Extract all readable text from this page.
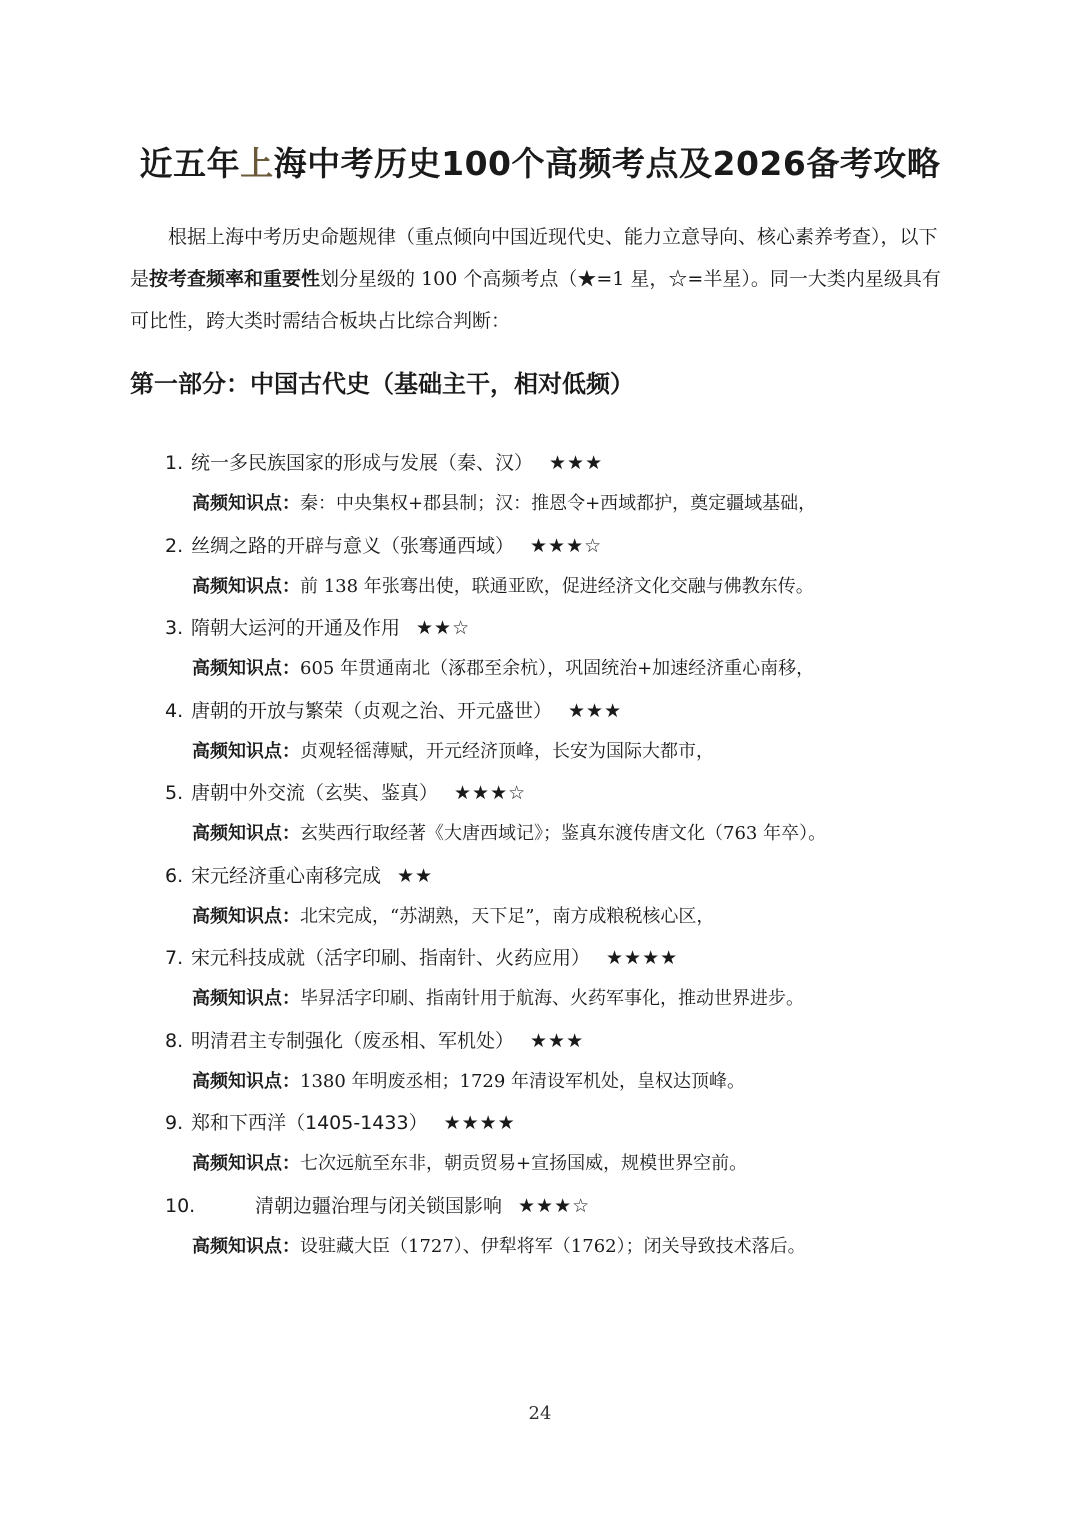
近五年上海中考历史100个高频考点及2026备考攻略

根据上海中考历史命题规律（重点倾向中国近现代史、能力立意导向、核心素养考查），以下是按考查频率和重要性划分星级的 100 个高频考点（★=1 星，☆=半星）。同一大类内星级具有可比性，跨大类时需结合板块占比综合判断：

第一部分：中国古代史（基础主干，相对低频）
1. 统一多民族国家的形成与发展（秦、汉） ★★★
高频知识点：秦：中央集权+郡县制；汉：推恩令+西域都护，奠定疆域基础，
2. 丝绸之路的开辟与意义（张骞通西域） ★★★☆
高频知识点：前 138 年张骞出使，联通亚欧，促进经济文化交融与佛教东传。
3. 隋朝大运河的开通及作用 ★★☆
高频知识点：605 年贯通南北（涿郡至余杭），巩固统治+加速经济重心南移，
4. 唐朝的开放与繁荣（贞观之治、开元盛世） ★★★
高频知识点：贞观轻徭薄赋，开元经济顶峰，长安为国际大都市，
5. 唐朝中外交流（玄奘、鉴真） ★★★☆
高频知识点：玄奘西行取经著《大唐西域记》；鉴真东渡传唐文化（763 年卒）。
6. 宋元经济重心南移完成 ★★
高频知识点：北宋完成，“苏湖熟，天下足”，南方成粮税核心区，
7. 宋元科技成就（活字印刷、指南针、火药应用） ★★★★
高频知识点：毕昇活字印刷、指南针用于航海、火药军事化，推动世界进步。
8. 明清君主专制强化（废丞相、军机处） ★★★
高频知识点：1380 年明废丞相；1729 年清设军机处，皇权达顶峰。
9. 郑和下西洋（1405-1433） ★★★★
高频知识点：七次远航至东非，朝贡贸易+宣扬国威，规模世界空前。
10.	清朝边疆治理与闭关锁国影响 ★★★☆
高频知识点：设驻藏大臣（1727）、伊犁将军（1762）；闭关导致技术落后。
24
